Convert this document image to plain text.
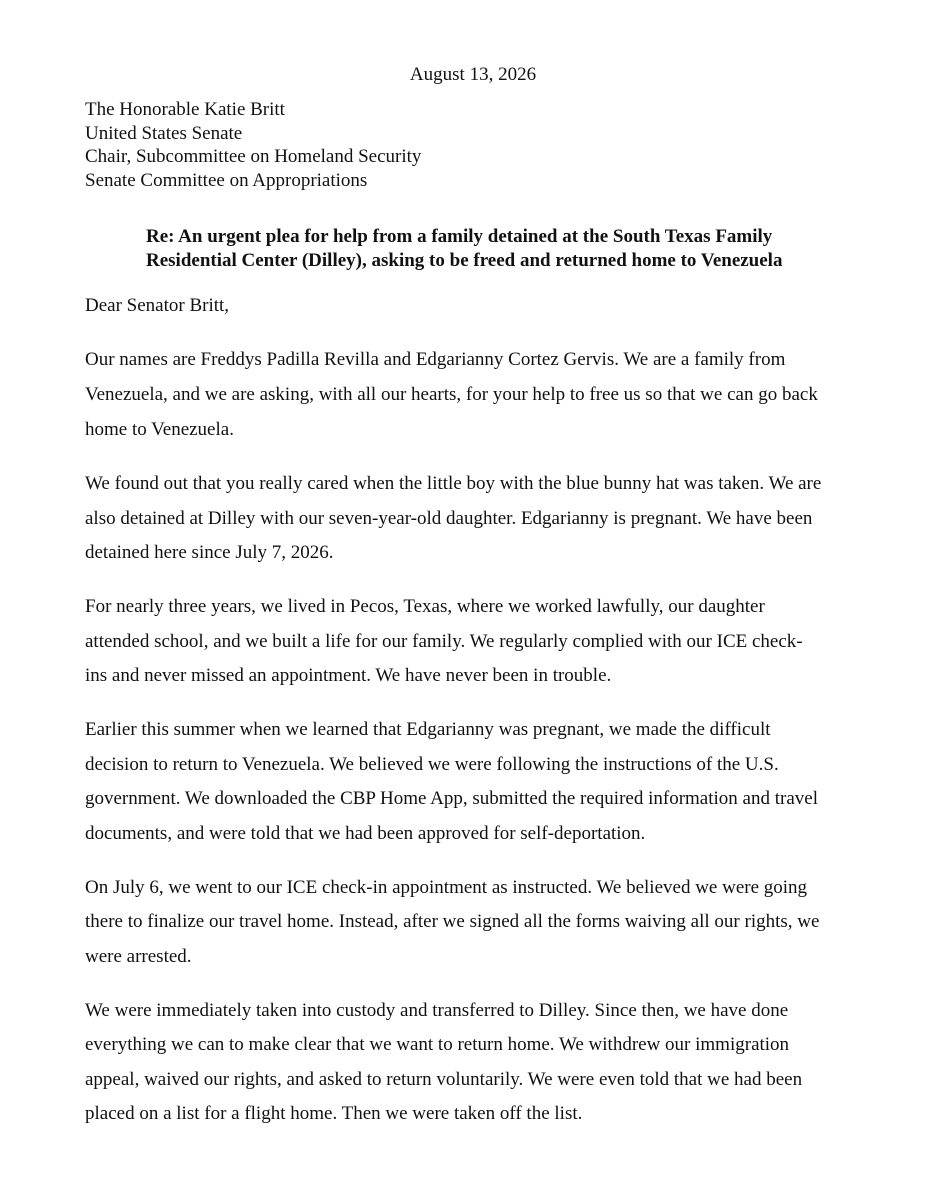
August 13, 2026
The Honorable Katie Britt
United States Senate
Chair, Subcommittee on Homeland Security
Senate Committee on Appropriations
Re: An urgent plea for help from a family detained at the South Texas Family
Residential Center (Dilley), asking to be freed and returned home to Venezuela
Dear Senator Britt,
Our names are Freddys Padilla Revilla and Edgarianny Cortez Gervis. We are a family from
Venezuela, and we are asking, with all our hearts, for your help to free us so that we can go back
home to Venezuela.
We found out that you really cared when the little boy with the blue bunny hat was taken. We are
also detained at Dilley with our seven-year-old daughter. Edgarianny is pregnant. We have been
detained here since July 7, 2026.
For nearly three years, we lived in Pecos, Texas, where we worked lawfully, our daughter
attended school, and we built a life for our family. We regularly complied with our ICE check-
ins and never missed an appointment. We have never been in trouble.
Earlier this summer when we learned that Edgarianny was pregnant, we made the difficult
decision to return to Venezuela. We believed we were following the instructions of the U.S.
government. We downloaded the CBP Home App, submitted the required information and travel
documents, and were told that we had been approved for self-deportation.
On July 6, we went to our ICE check-in appointment as instructed. We believed we were going
there to finalize our travel home. Instead, after we signed all the forms waiving all our rights, we
were arrested.
We were immediately taken into custody and transferred to Dilley. Since then, we have done
everything we can to make clear that we want to return home. We withdrew our immigration
appeal, waived our rights, and asked to return voluntarily. We were even told that we had been
placed on a list for a flight home. Then we were taken off the list.
